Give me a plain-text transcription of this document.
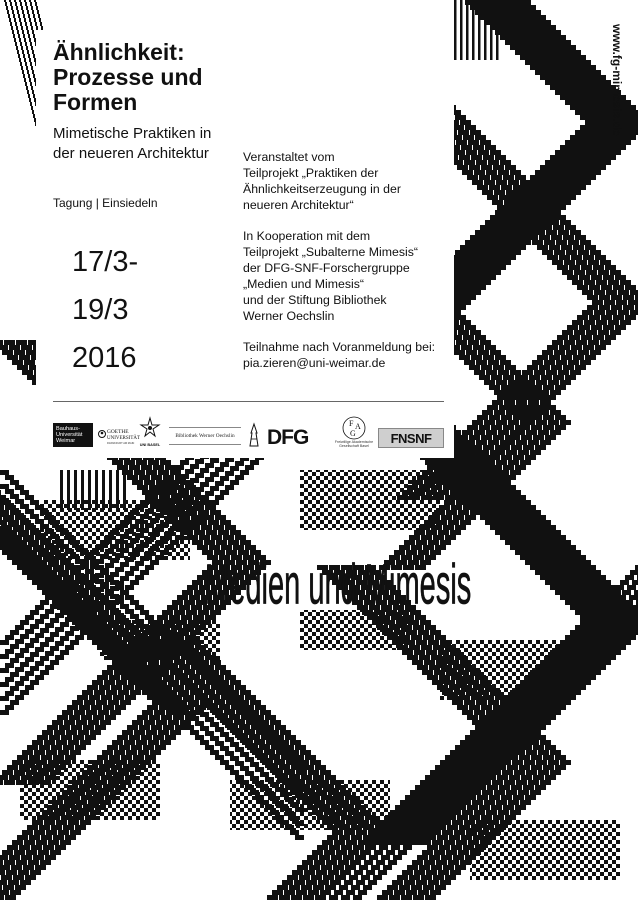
Ähnlichkeit:
Prozesse und
Formen
Mimetische Praktiken in
der neueren Architektur
Tagung | Einsiedeln
17/3-
19/3
2016

Veranstaltet vom
Teilprojekt „Praktiken der
Ähnlichkeitserzeugung in der
neueren Architektur“

In Kooperation mit dem
Teilprojekt „Subalterne Mimesis“
der DFG-SNF-Forschergruppe
„Medien und Mimesis“
und der Stiftung Bibliothek
Werner Oechslin

Teilnahme nach Voranmeldung bei:
pia.zieren@uni-weimar.de

Bauhaus-
Universität
Weimar
GOETHE
UNIVERSITÄT
FRANKFURT AM MAIN UNI BASEL
Bibliothek Werner Oechslin	DFG
F A
G
Freiwillige Akademische
Gesellschaft Basel
FNSNF
Medien und Mimesis
www.fg-mimesis.de
